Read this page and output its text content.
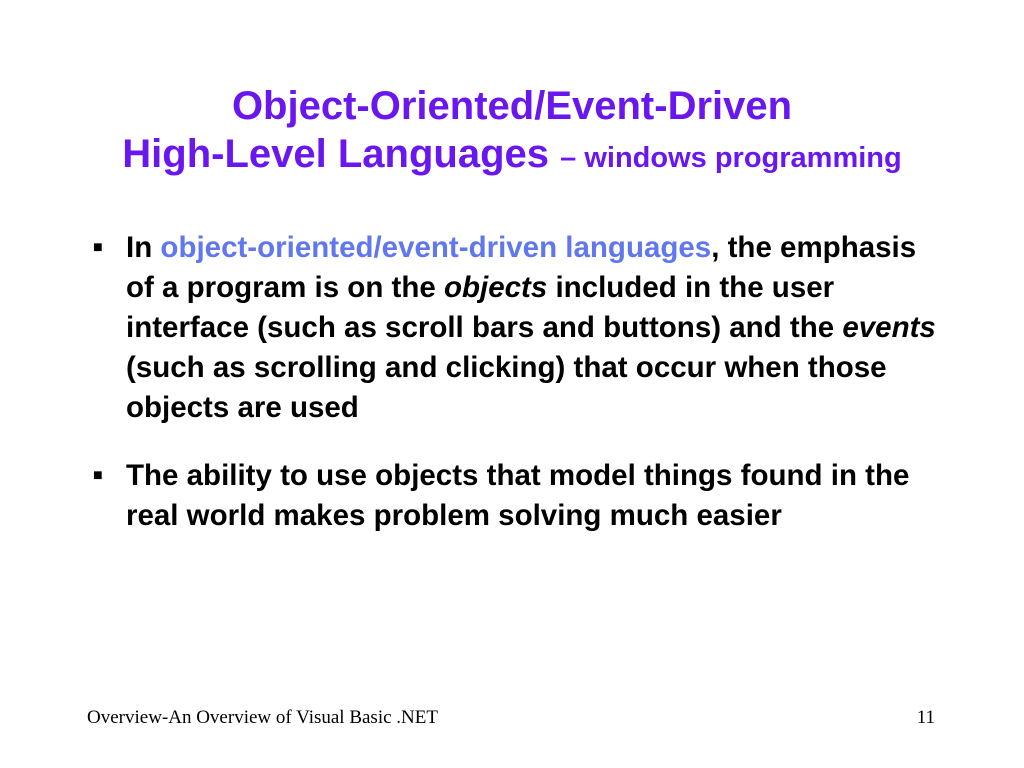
Object-Oriented/Event-Driven
High-Level Languages – windows programming
■ In object-oriented/event-driven languages, the emphasis of a program is on the objects included in the user interface (such as scroll bars and buttons) and the events (such as scrolling and clicking) that occur when those objects are used
■ The ability to use objects that model things found in the real world makes problem solving much easier
Overview-An Overview of Visual Basic .NET	11
